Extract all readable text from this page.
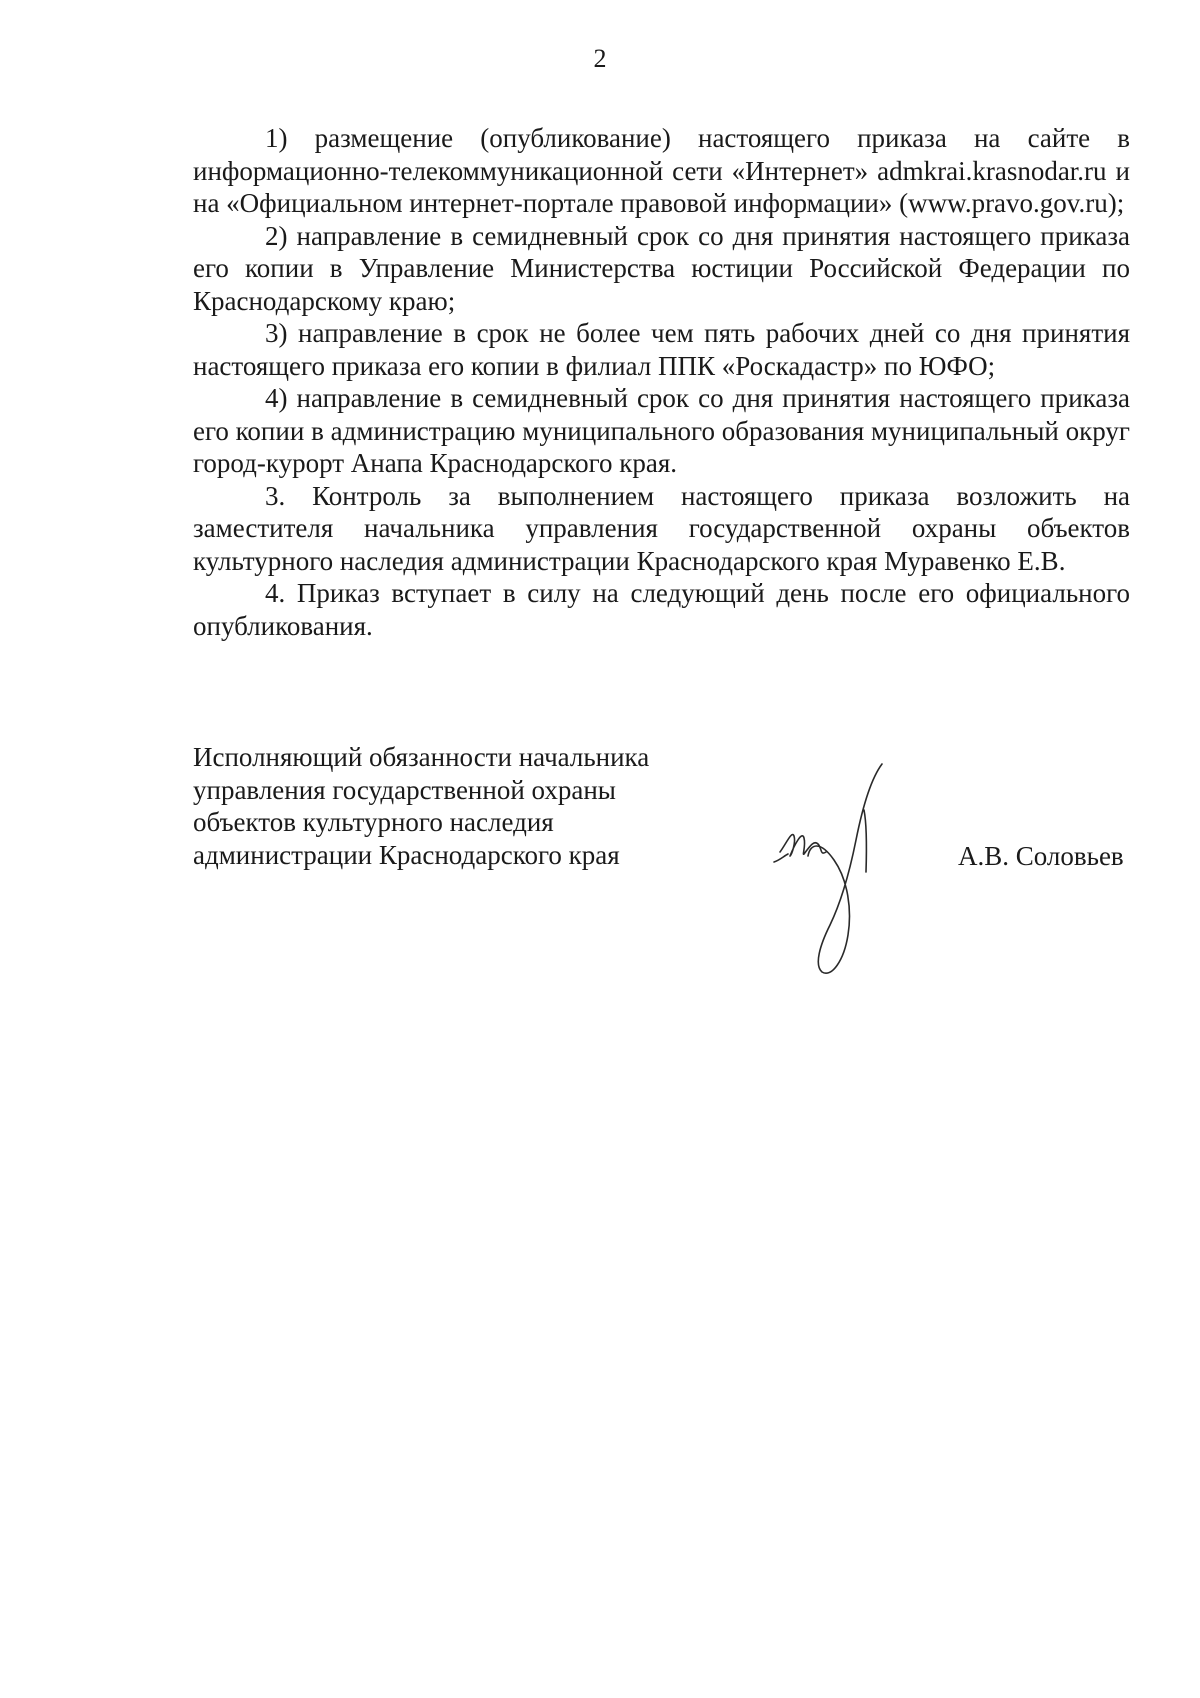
2

1) размещение (опубликование) настоящего приказа на сайте в информационно-телекоммуникационной сети «Интернет» admkrai.krasnodar.ru и на «Официальном интернет-портале правовой информации» (www.pravo.gov.ru);

2) направление в семидневный срок со дня принятия настоящего приказа его копии в Управление Министерства юстиции Российской Федерации по Краснодарскому краю;

3) направление в срок не более чем пять рабочих дней со дня принятия настоящего приказа его копии в филиал ППК «Роскадастр» по ЮФО;

4) направление в семидневный срок со дня принятия настоящего приказа его копии в администрацию муниципального образования муниципальный округ город-курорт Анапа Краснодарского края.

3. Контроль за выполнением настоящего приказа возложить на заместителя начальника управления государственной охраны объектов культурного наследия администрации Краснодарского края Муравенко Е.В.

4. Приказ вступает в силу на следующий день после его официального опубликования.

Исполняющий обязанности начальника
управления государственной охраны
объектов культурного наследия
администрации Краснодарского края	А.В. Соловьев
